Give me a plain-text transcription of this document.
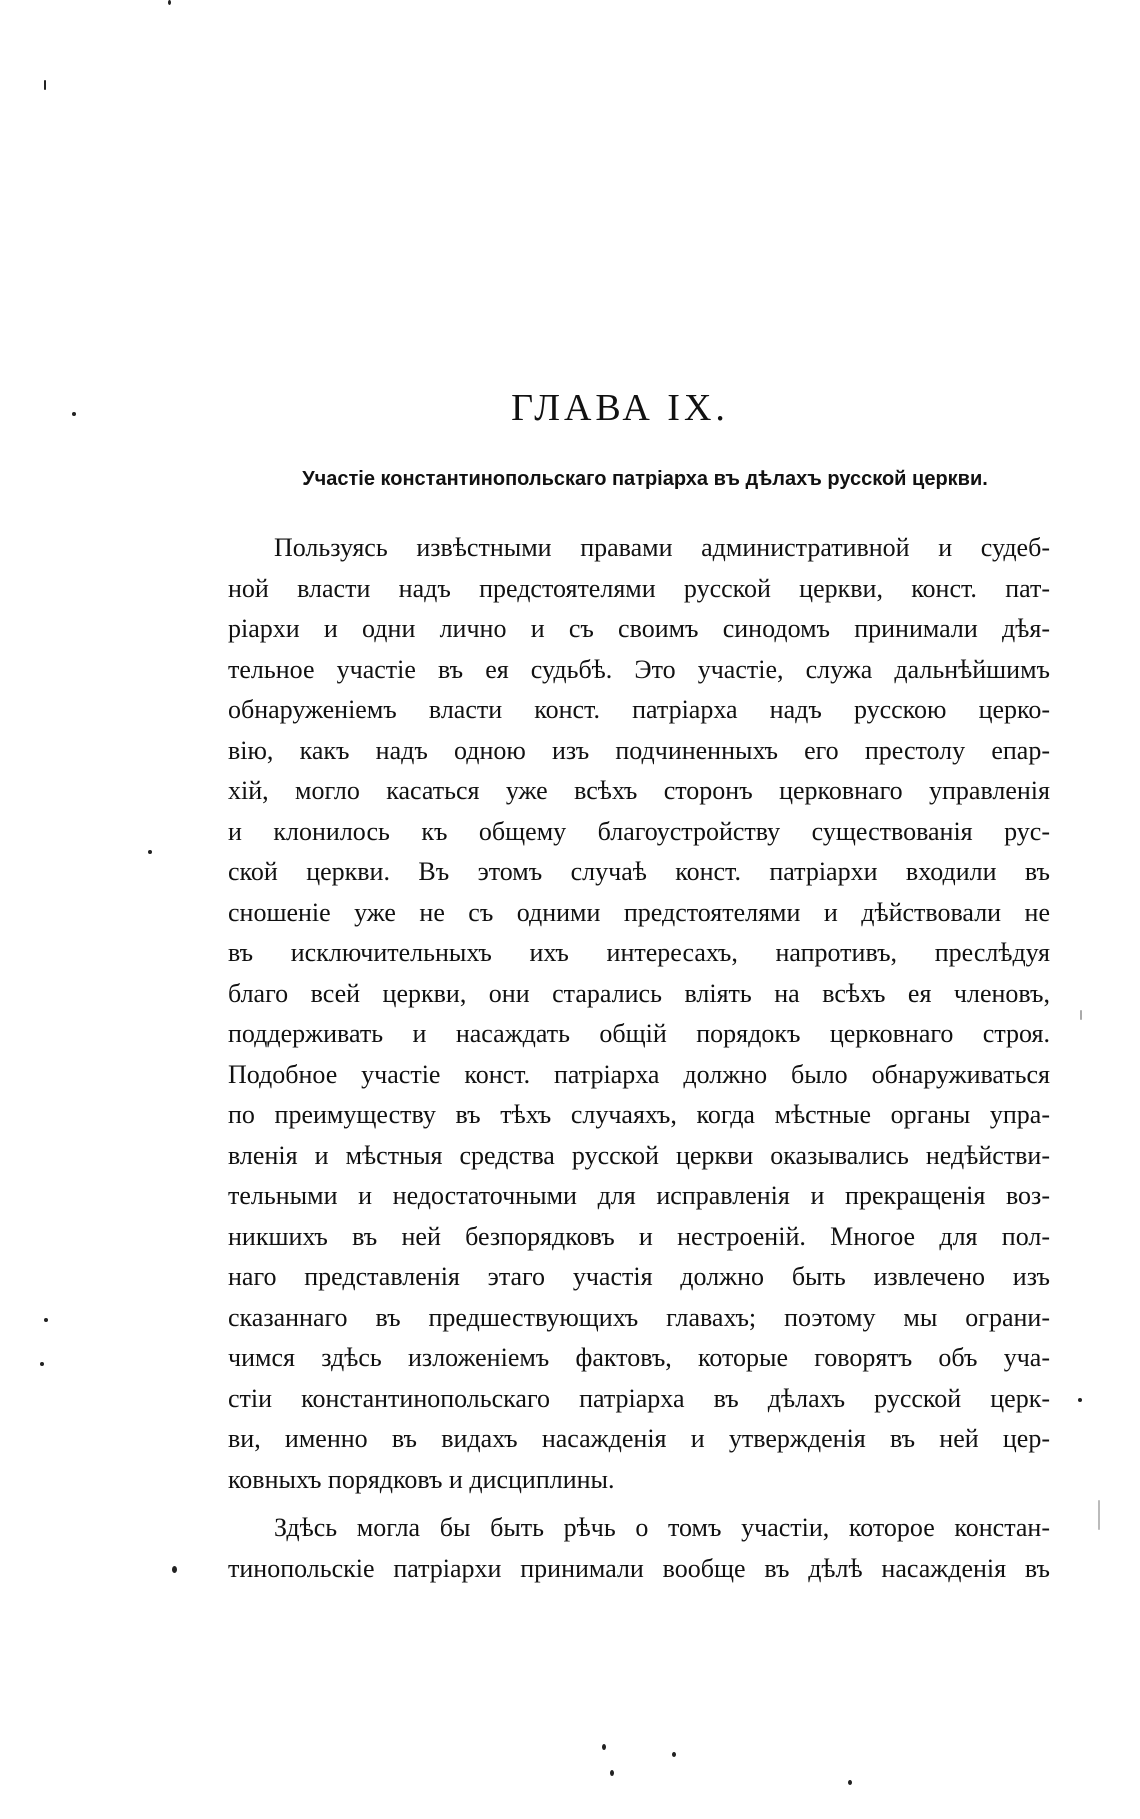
ГЛАВА IX.
Участіе константинопольскаго патріарха въ дѣлахъ русской церкви.
Пользуясь извѣстными правами административной и судеб-
ной власти надъ предстоятелями русской церкви, конст. пат-
ріархи и одни лично и съ своимъ синодомъ принимали дѣя-
тельное участіе въ ея судьбѣ. Это участіе, служа дальнѣйшимъ
обнаруженіемъ власти конст. патріарха надъ русскою церко-
вію, какъ надъ одною изъ подчиненныхъ его престолу епар-
хій, могло касаться уже всѣхъ сторонъ церковнаго управленія
и клонилось къ общему благоустройству существованія рус-
ской церкви. Въ этомъ случаѣ конст. патріархи входили въ
сношеніе уже не съ одними предстоятелями и дѣйствовали не
въ исключительныхъ ихъ интересахъ, напротивъ, преслѣдуя
благо всей церкви, они старались вліять на всѣхъ ея членовъ,
поддерживать и насаждать общій порядокъ церковнаго строя.
Подобное участіе конст. патріарха должно было обнаруживаться
по преимуществу въ тѣхъ случаяхъ, когда мѣстные органы упра-
вленія и мѣстныя средства русской церкви оказывались недѣйстви-
тельными и недостаточными для исправленія и прекращенія воз-
никшихъ въ ней безпорядковъ и нестроеній. Многое для пол-
наго представленія этаго участія должно быть извлечено изъ
сказаннаго въ предшествующихъ главахъ; поэтому мы ограни-
чимся здѣсь изложеніемъ фактовъ, которые говорятъ объ уча-
стіи константинопольскаго патріарха въ дѣлахъ русской церк-
ви, именно въ видахъ насажденія и утвержденія въ ней цер-
ковныхъ порядковъ и дисциплины.
Здѣсь могла бы быть рѣчь о томъ участіи, которое констан-
тинопольскіе патріархи принимали вообще въ дѣлѣ насажденія въ
